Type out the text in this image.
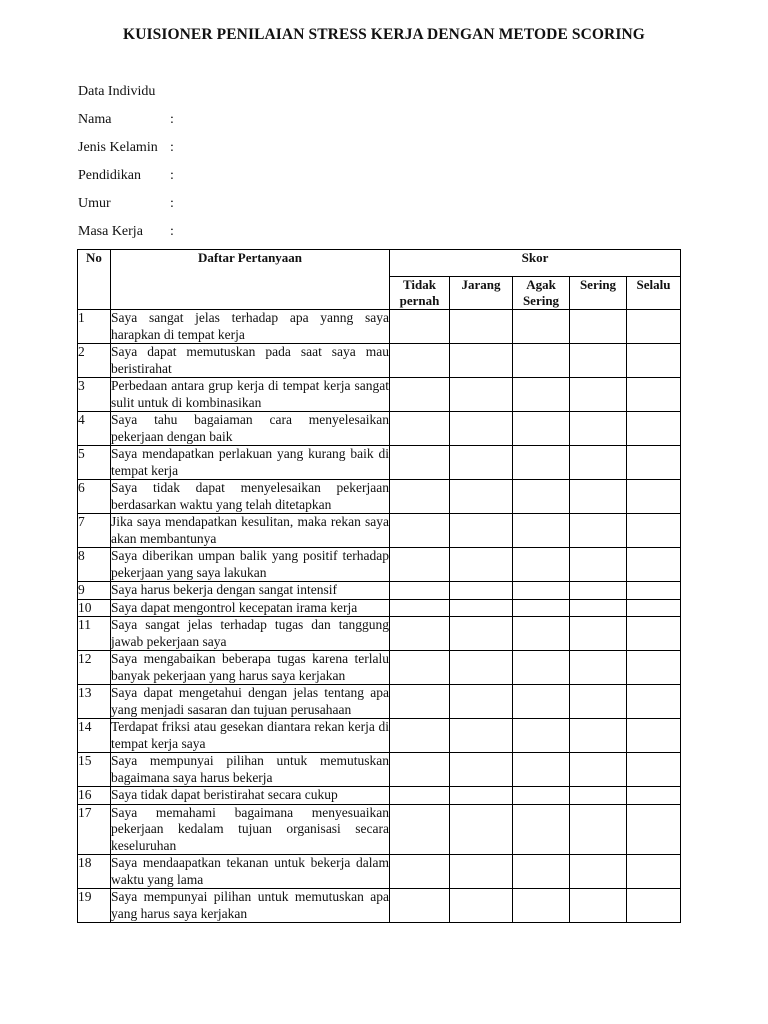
KUISIONER PENILAIAN STRESS KERJA DENGAN METODE SCORING
Data Individu
Nama	:
Jenis Kelamin :
Pendidikan	:
Umur	:
Masa Kerja	:
No	Daftar Pertanyaan	Skor				
		Tidak pernah	Jarang	Agak Sering	Sering	Selalu
1	Saya sangat jelas terhadap apa yanng saya harapkan di tempat kerja					
2	Saya dapat memutuskan pada saat saya mau beristirahat					
3	Perbedaan antara grup kerja di tempat kerja sangat sulit untuk di kombinasikan					
4	Saya tahu bagaiaman cara menyelesaikan pekerjaan dengan baik					
5	Saya mendapatkan perlakuan yang kurang baik di tempat kerja					
6	Saya tidak dapat menyelesaikan pekerjaan berdasarkan waktu yang telah ditetapkan					
7	Jika saya mendapatkan kesulitan, maka rekan saya akan membantunya					
8	Saya diberikan umpan balik yang positif terhadap pekerjaan yang saya lakukan					
9	Saya harus bekerja dengan sangat intensif					
10	Saya dapat mengontrol kecepatan irama kerja					
11	Saya sangat jelas terhadap tugas dan tanggung jawab pekerjaan saya					
12	Saya mengabaikan beberapa tugas karena terlalu banyak pekerjaan yang harus saya kerjakan					
13	Saya dapat mengetahui dengan jelas tentang apa yang menjadi sasaran dan tujuan perusahaan					
14	Terdapat friksi atau gesekan diantara rekan kerja di tempat kerja saya					
15	Saya mempunyai pilihan untuk memutuskan bagaimana saya harus bekerja					
16	Saya tidak dapat beristirahat secara cukup					
17	Saya memahami bagaimana menyesuaikan pekerjaan kedalam tujuan organisasi secara keseluruhan					
18	Saya mendaapatkan tekanan untuk bekerja dalam waktu yang lama					
19	Saya mempunyai pilihan untuk memutuskan apa yang harus saya kerjakan					
